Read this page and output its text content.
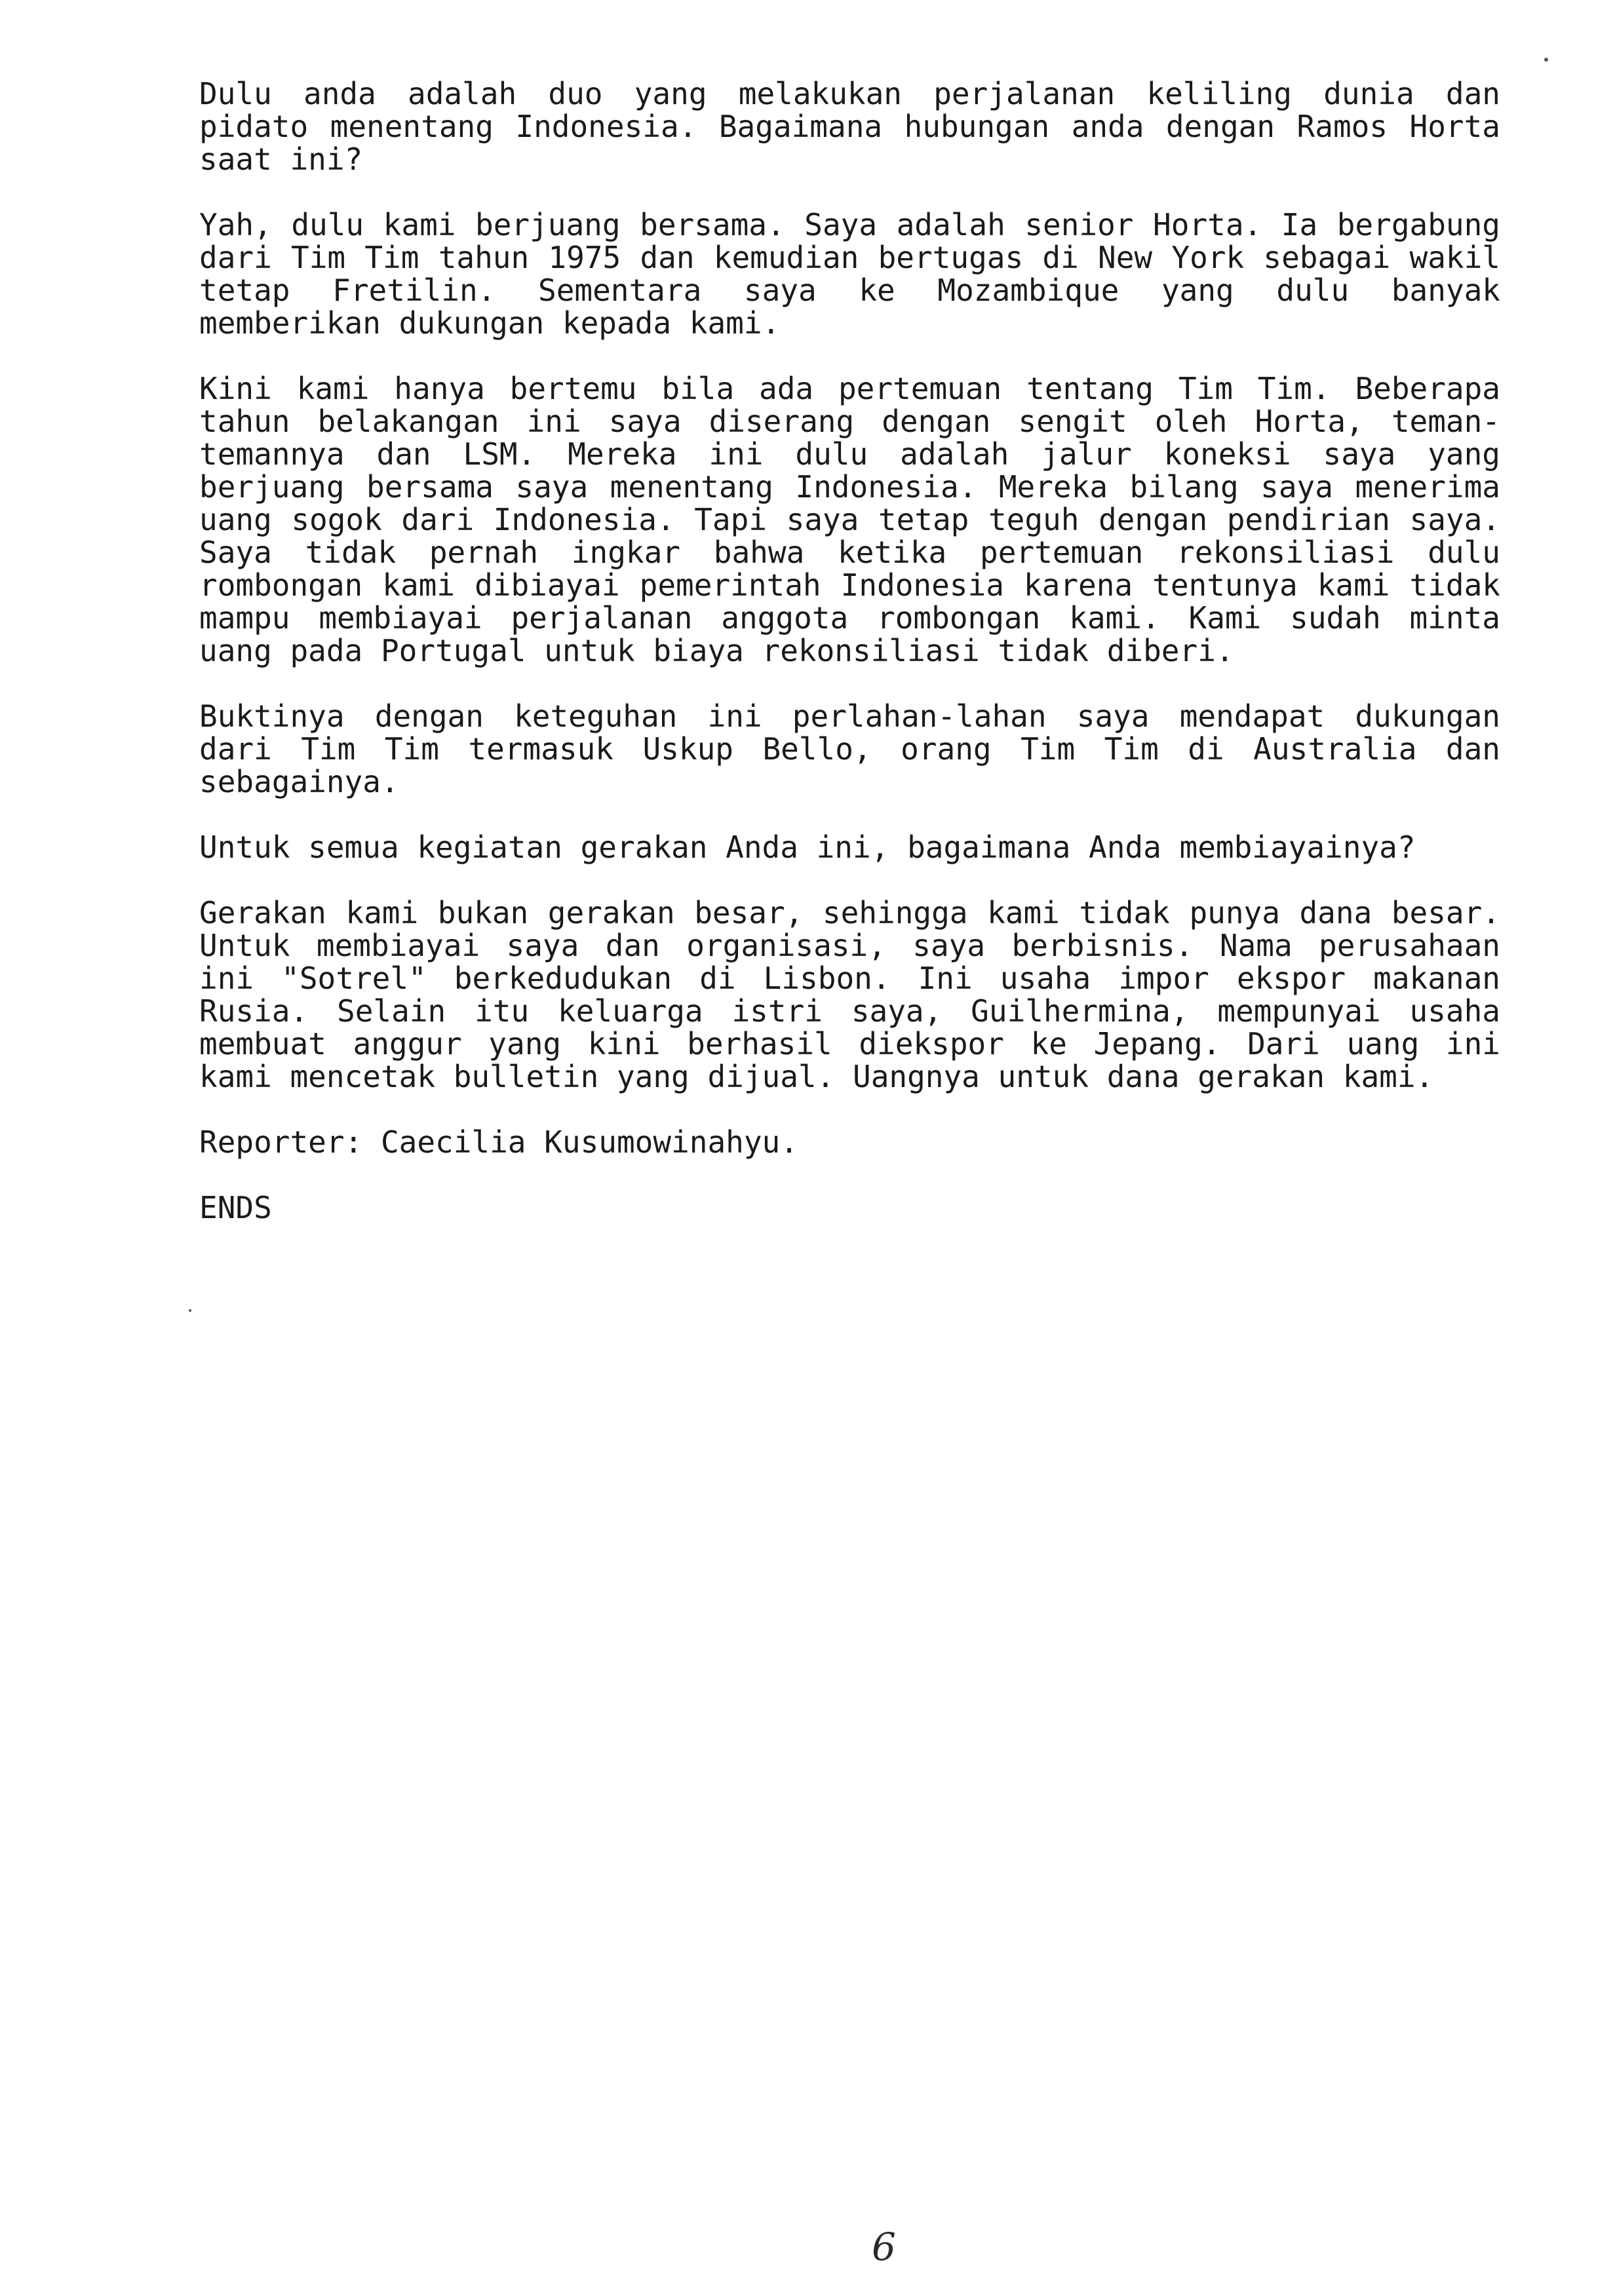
Dulu anda adalah duo yang melakukan perjalanan keliling dunia dan pidato menentang Indonesia. Bagaimana hubungan anda dengan Ramos Horta saat ini?

Yah, dulu kami berjuang bersama. Saya adalah senior Horta. Ia bergabung dari Tim Tim tahun 1975 dan kemudian bertugas di New York sebagai wakil tetap Fretilin. Sementara saya ke Mozambique yang dulu banyak memberikan dukungan kepada kami.

Kini kami hanya bertemu bila ada pertemuan tentang Tim Tim. Beberapa tahun belakangan ini saya diserang dengan sengit oleh Horta, teman-temannya dan LSM. Mereka ini dulu adalah jalur koneksi saya yang berjuang bersama saya menentang Indonesia. Mereka bilang saya menerima uang sogok dari Indonesia. Tapi saya tetap teguh dengan pendirian saya. Saya tidak pernah ingkar bahwa ketika pertemuan rekonsiliasi dulu rombongan kami dibiayai pemerintah Indonesia karena tentunya kami tidak mampu membiayai perjalanan anggota rombongan kami. Kami sudah minta uang pada Portugal untuk biaya rekonsiliasi tidak diberi.

Buktinya dengan keteguhan ini perlahan-lahan saya mendapat dukungan dari Tim Tim termasuk Uskup Bello, orang Tim Tim di Australia dan sebagainya.

Untuk semua kegiatan gerakan Anda ini, bagaimana Anda membiayainya?

Gerakan kami bukan gerakan besar, sehingga kami tidak punya dana besar. Untuk membiayai saya dan organisasi, saya berbisnis. Nama perusahaan ini "Sotrel" berkedudukan di Lisbon. Ini usaha impor ekspor makanan Rusia. Selain itu keluarga istri saya, Guilhermina, mempunyai usaha membuat anggur yang kini berhasil diekspor ke Jepang. Dari uang ini kami mencetak bulletin yang dijual. Uangnya untuk dana gerakan kami.

Reporter: Caecilia Kusumowinahyu.

ENDS

6
